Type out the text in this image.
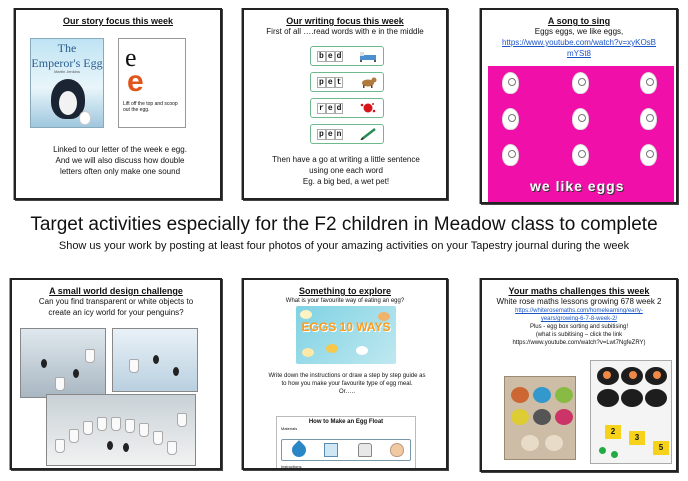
Our story focus this week
The
Emperor's Egg
Martin Jenkins	e
e
Lift off the top and scoop out the egg.
Linked to our letter of the week e egg.
And we will also discuss how double
letters often only make one sound
Our writing focus this week
First of all ….read words with e in the middle
b e d
p e t
r e d
p e n
Then have a go at writing a little sentence
using one each word
Eg. a big bed, a wet pet!
A song to sing
Eggs eggs, we like eggs,
https://www.youtube.com/watch?v=xyKOsB
mYSt8
we like eggs
Target activities especially for the F2 children in Meadow class to complete
Show us your work by posting at least four photos of your amazing activities on your Tapestry journal during the week
A small world design challenge
Can you find transparent or white objects to
create an icy world for your penguins?
Something to explore
What is your favourite way of eating an egg?
EGGS 10 WAYS
Write down the instructions or draw a step by step guide as
to how you make your favourite type of egg meal.
Or…..
How to Make an Egg Float
Materials
Instructions
Your maths challenges this week
White rose maths lessons growing 678 week 2
https://whiterosemaths.com/homelearning/early-
years/growing-6-7-8-week-2/
Plus - egg box sorting and subitising!
(what is subitising – click the link
https://www.youtube.com/watch?v=Lwt7NgfeZRY)
2
3
5
